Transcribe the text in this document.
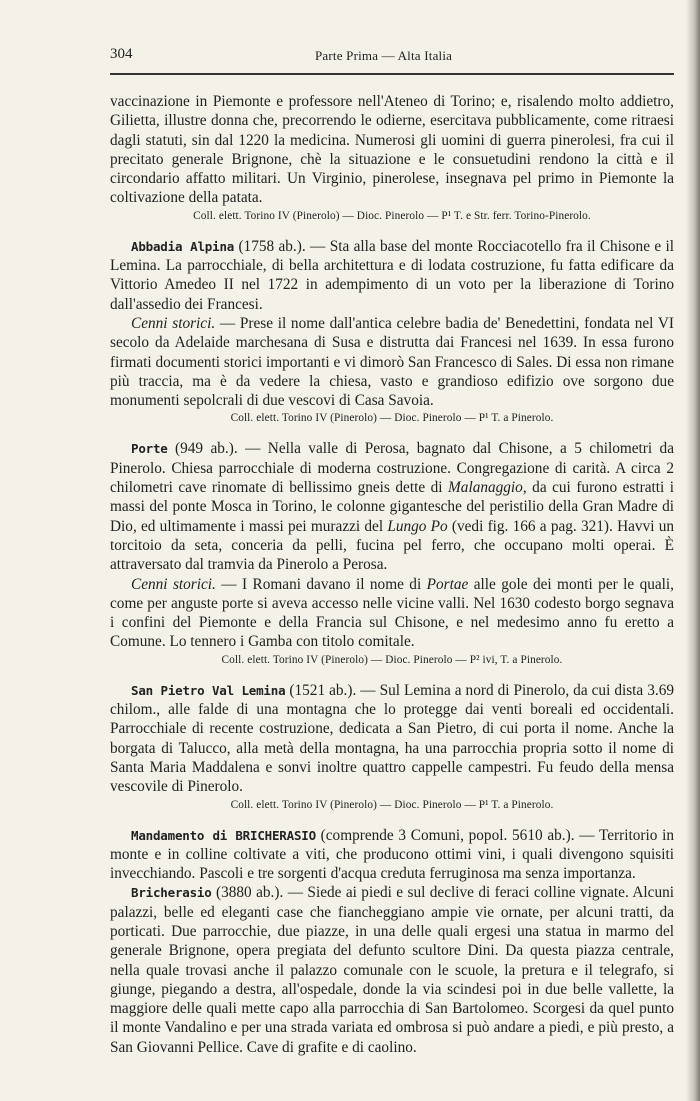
304	Parte Prima — Alta Italia

vaccinazione in Piemonte e professore nell'Ateneo di Torino; e, risalendo molto addietro, Gilietta, illustre donna che, precorrendo le odierne, esercitava pubblicamente, come ritraesi dagli statuti, sin dal 1220 la medicina. Numerosi gli uomini di guerra pinerolesi, fra cui il precitato generale Brignone, chè la situazione e le consuetudini rendono la città e il circondario affatto militari. Un Virginio, pinerolese, insegnava pel primo in Piemonte la coltivazione della patata.

Coll. elett. Torino IV (Pinerolo) — Dioc. Pinerolo — P¹ T. e Str. ferr. Torino-Pinerolo.

Abbadia Alpina (1758 ab.). — Sta alla base del monte Rocciacotello fra il Chisone e il Lemina. La parrocchiale, di bella architettura e di lodata costruzione, fu fatta edificare da Vittorio Amedeo II nel 1722 in adempimento di un voto per la liberazione di Torino dall'assedio dei Francesi.

Cenni storici. — Prese il nome dall'antica celebre badia de' Benedettini, fondata nel VI secolo da Adelaide marchesana di Susa e distrutta dai Francesi nel 1639. In essa furono firmati documenti storici importanti e vi dimorò San Francesco di Sales. Di essa non rimane più traccia, ma è da vedere la chiesa, vasto e grandioso edifizio ove sorgono due monumenti sepolcrali di due vescovi di Casa Savoia.

Coll. elett. Torino IV (Pinerolo) — Dioc. Pinerolo — P¹ T. a Pinerolo.

Porte (949 ab.). — Nella valle di Perosa, bagnato dal Chisone, a 5 chilometri da Pinerolo. Chiesa parrocchiale di moderna costruzione. Congregazione di carità. A circa 2 chilometri cave rinomate di bellissimo gneis dette di Malanaggio, da cui furono estratti i massi del ponte Mosca in Torino, le colonne gigantesche del peristilio della Gran Madre di Dio, ed ultimamente i massi pei murazzi del Lungo Po (vedi fig. 166 a pag. 321). Havvi un torcitoio da seta, conceria da pelli, fucina pel ferro, che occupano molti operai. È attraversato dal tramvia da Pinerolo a Perosa.

Cenni storici. — I Romani davano il nome di Portae alle gole dei monti per le quali, come per anguste porte si aveva accesso nelle vicine valli. Nel 1630 codesto borgo segnava i confini del Piemonte e della Francia sul Chisone, e nel medesimo anno fu eretto a Comune. Lo tennero i Gamba con titolo comitale.

Coll. elett. Torino IV (Pinerolo) — Dioc. Pinerolo — P² ivi, T. a Pinerolo.

San Pietro Val Lemina (1521 ab.). — Sul Lemina a nord di Pinerolo, da cui dista 3.69 chilom., alle falde di una montagna che lo protegge dai venti boreali ed occidentali. Parrocchiale di recente costruzione, dedicata a San Pietro, di cui porta il nome. Anche la borgata di Talucco, alla metà della montagna, ha una parrocchia propria sotto il nome di Santa Maria Maddalena e sonvi inoltre quattro cappelle campestri. Fu feudo della mensa vescovile di Pinerolo.

Coll. elett. Torino IV (Pinerolo) — Dioc. Pinerolo — P¹ T. a Pinerolo.

Mandamento di BRICHERASIO (comprende 3 Comuni, popol. 5610 ab.). — Territorio in monte e in colline coltivate a viti, che producono ottimi vini, i quali divengono squisiti invecchiando. Pascoli e tre sorgenti d'acqua creduta ferruginosa ma senza importanza.

Bricherasio (3880 ab.). — Siede ai piedi e sul declive di feraci colline vignate. Alcuni palazzi, belle ed eleganti case che fiancheggiano ampie vie ornate, per alcuni tratti, da porticati. Due parrocchie, due piazze, in una delle quali ergesi una statua in marmo del generale Brignone, opera pregiata del defunto scultore Dini. Da questa piazza centrale, nella quale trovasi anche il palazzo comunale con le scuole, la pretura e il telegrafo, si giunge, piegando a destra, all'ospedale, donde la via scindesi poi in due belle vallette, la maggiore delle quali mette capo alla parrocchia di San Bartolomeo. Scorgesi da quel punto il monte Vandalino e per una strada variata ed ombrosa si può andare a piedi, e più presto, a San Giovanni Pellice. Cave di grafite e di caolino.
